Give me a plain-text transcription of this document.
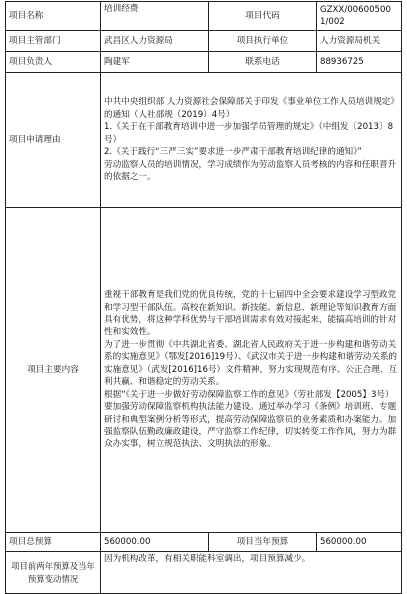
项目名称	培训经费	项目代码	GZXX/006005001/002
项目主管部门	武昌区人力资源局	项目执行单位	人力资源局机关
项目负责人	陶建军	联系电话	88936725
项目申请理由	中共中央组织部 人力资源社会保障部关于印发《事业单位工作人员培训规定》的通知（人社部规（2019）4号）

1.《关于在干部教育培训中进一步加强学员管理的规定》（中组发〔2013〕8号）

2.《关于践行“三严三实”要求进一步严肃干部教育培训纪律的通知》”

劳动监察人员的培训情况，学习成绩作为劳动监察人员考核的内容和任职晋升的依据之一。		

项目主要内容	重视干部教育是我们党的优良传统，党的十七届四中全会要求建设学习型政党和学习型干部队伍。高校在新知识、新技能、新信息、新理论等知识教育方面具有优势，将这种学科优势与干部培训需求有效对接起来，能搞高培训的针对性和实效性。

为了进一步贯彻《中共湖北省委、湖北省人民政府关于进一步构建和谐劳动关系的实施意见》（鄂发[2016]19号）、《武汉市关于进一步构建和谐劳动关系的实施意见》（武发[2016]16号）文件精神，努力实现规范有序、公正合理、互利共赢、和谐稳定的劳动关系。

根据“《关于进一步做好劳动保障监察工作的意见》（劳社部发【2005】3号）要加强劳动保障监察机构执法能力建设。通过举办学习《条例》培训班、专题研讨和典型案例分析等形式，提高劳动保障监察员的业务素质和办案能力。加强监察队伍勤政廉政建设，严守监察工作纪律，切实转变工作作风，努力为群众办实事，树立规范执法、文明执法的形象。		

项目总预算	560000.00	项目当年预算	560000.00
项目前两年预算及当年预算变动情况	因为机构改革，有相关职能科室调出，项目预算减少。		
